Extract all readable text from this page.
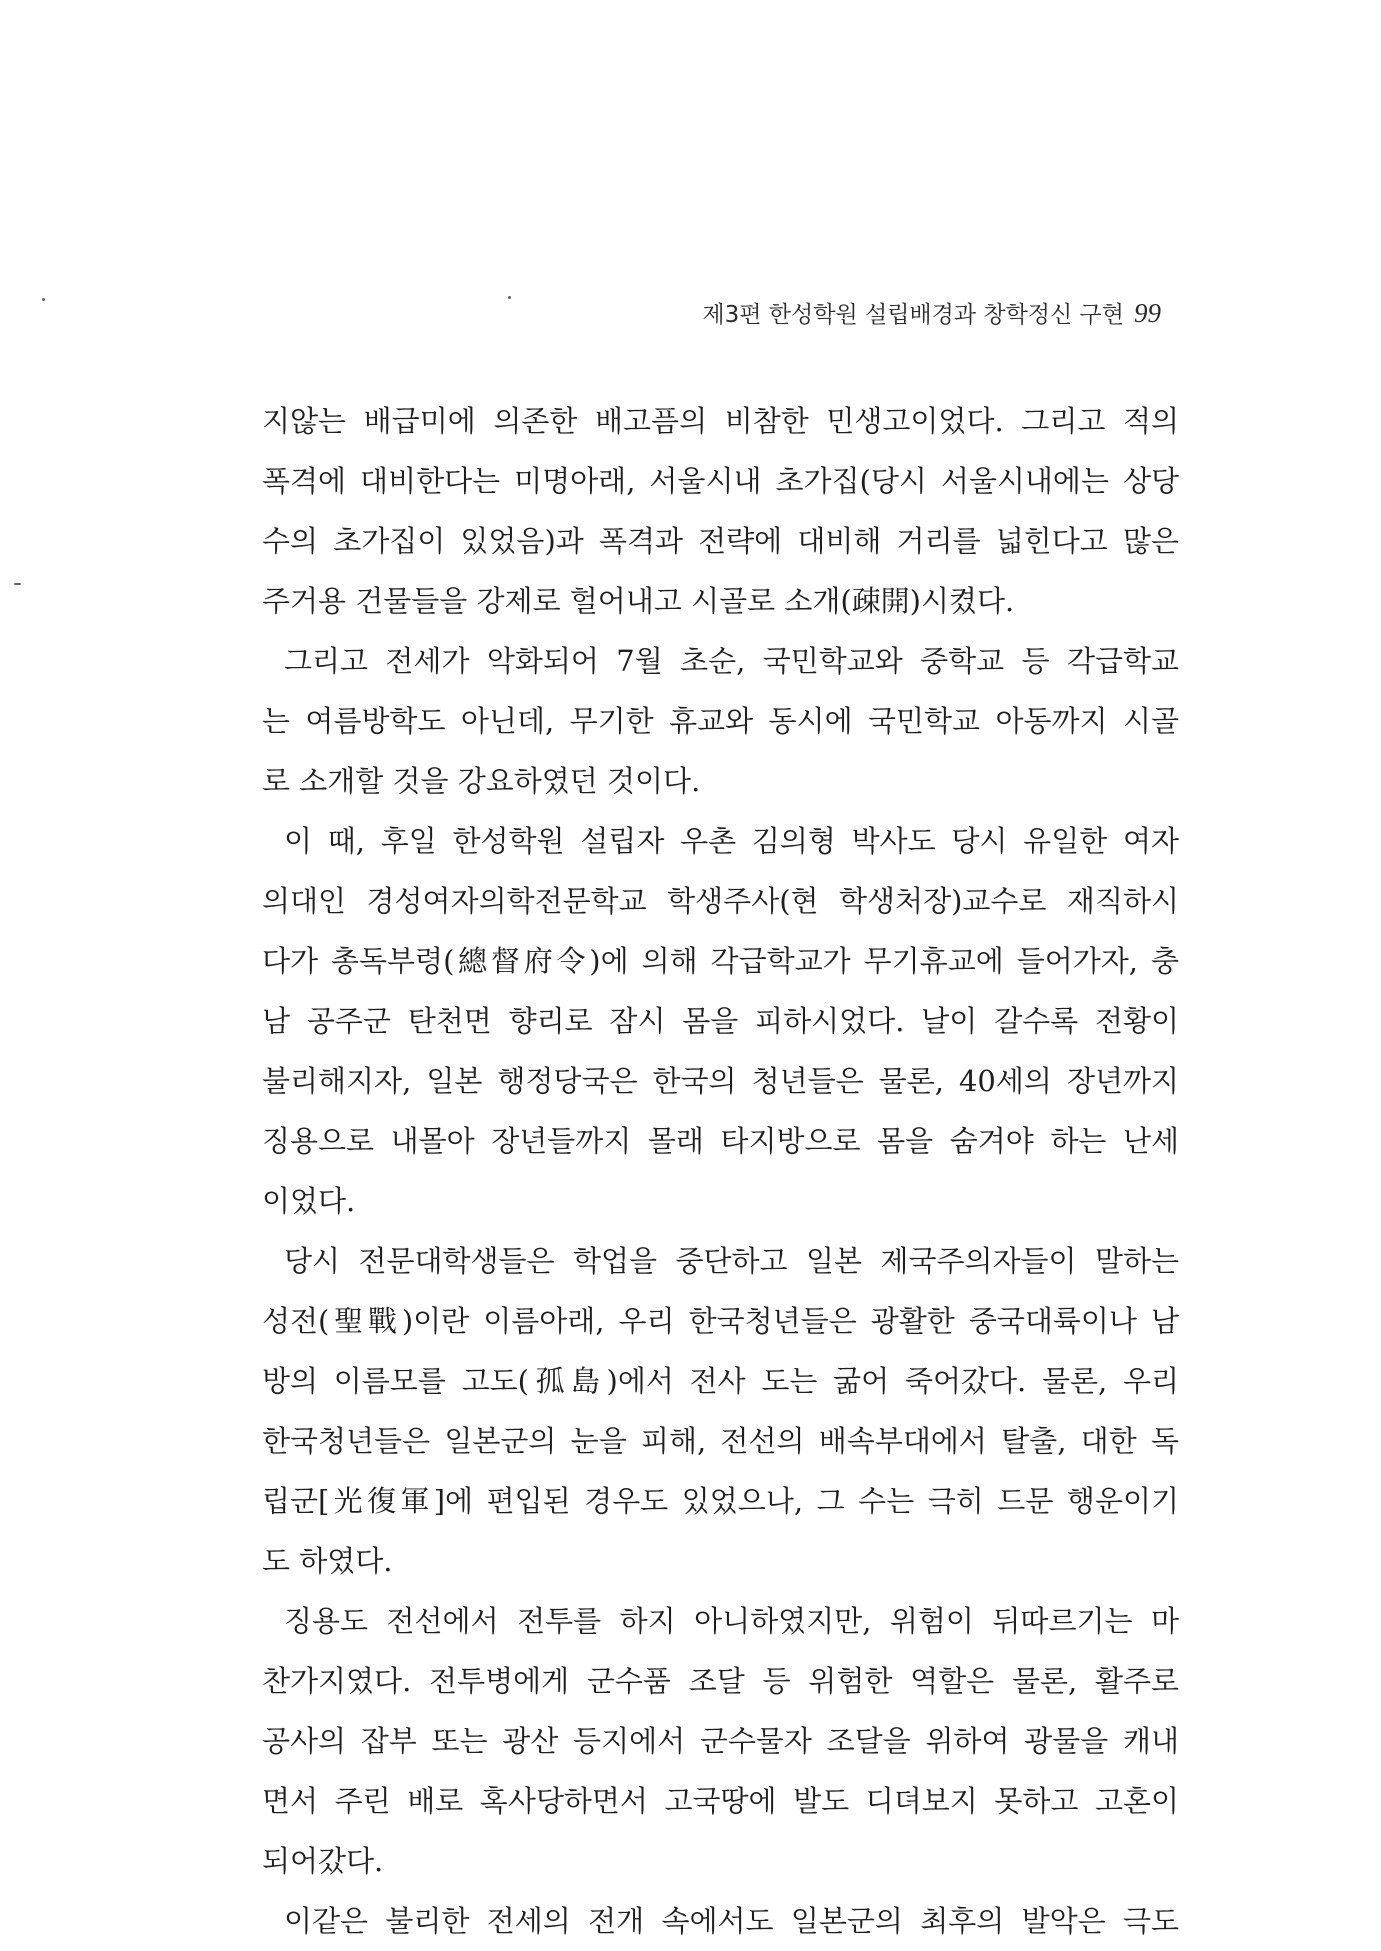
제3편 한성학원 설립배경과 창학정신 구현 99
지않는 배급미에 의존한 배고픔의 비참한 민생고이었다. 그리고 적의
폭격에 대비한다는 미명아래, 서울시내 초가집(당시 서울시내에는 상당
수의 초가집이 있었음)과 폭격과 전략에 대비해 거리를 넓힌다고 많은
주거용 건물들을 강제로 헐어내고 시골로 소개(疎開)시켰다.
그리고 전세가 악화되어 7월 초순, 국민학교와 중학교 등 각급학교
는 여름방학도 아닌데, 무기한 휴교와 동시에 국민학교 아동까지 시골
로 소개할 것을 강요하였던 것이다.
이 때, 후일 한성학원 설립자 우촌 김의형 박사도 당시 유일한 여자
의대인 경성여자의학전문학교 학생주사(현 학생처장)교수로 재직하시
다가 총독부령(總督府令)에 의해 각급학교가 무기휴교에 들어가자, 충
남 공주군 탄천면 향리로 잠시 몸을 피하시었다. 날이 갈수록 전황이
불리해지자, 일본 행정당국은 한국의 청년들은 물론, 40세의 장년까지
징용으로 내몰아 장년들까지 몰래 타지방으로 몸을 숨겨야 하는 난세
이었다.
당시 전문대학생들은 학업을 중단하고 일본 제국주의자들이 말하는
성전(聖戰)이란 이름아래, 우리 한국청년들은 광활한 중국대륙이나 남
방의 이름모를 고도(孤島)에서 전사 도는 굶어 죽어갔다. 물론, 우리
한국청년들은 일본군의 눈을 피해, 전선의 배속부대에서 탈출, 대한 독
립군[光復軍]에 편입된 경우도 있었으나, 그 수는 극히 드문 행운이기
도 하였다.
징용도 전선에서 전투를 하지 아니하였지만, 위험이 뒤따르기는 마
찬가지였다. 전투병에게 군수품 조달 등 위험한 역할은 물론, 활주로
공사의 잡부 또는 광산 등지에서 군수물자 조달을 위하여 광물을 캐내
면서 주린 배로 혹사당하면서 고국땅에 발도 디뎌보지 못하고 고혼이
되어갔다.
이같은 불리한 전세의 전개 속에서도 일본군의 최후의 발악은 극도
